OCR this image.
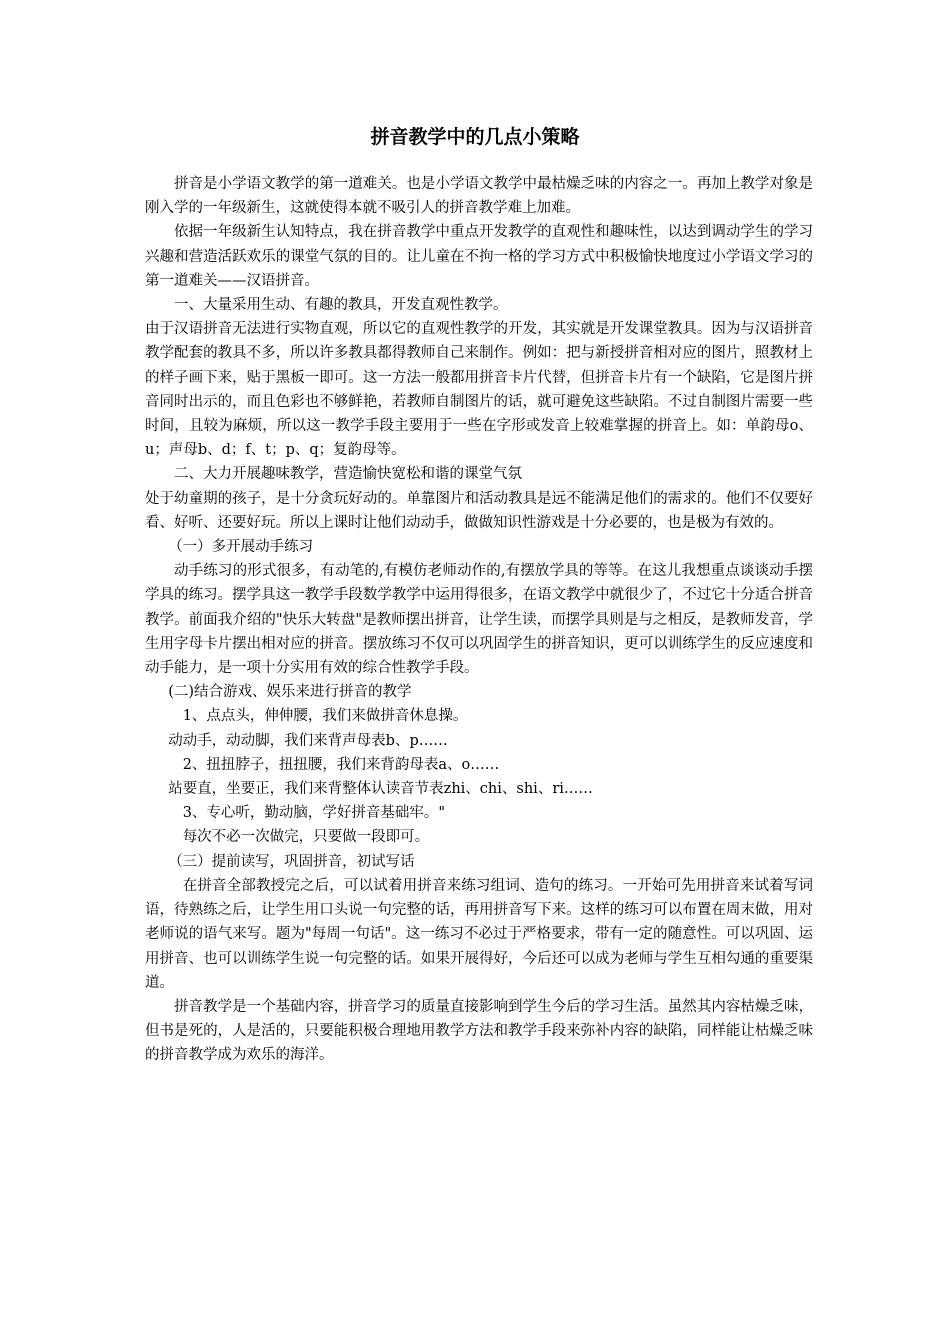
拼音教学中的几点小策略

拼音是小学语文教学的第一道难关。也是小学语文教学中最枯燥乏味的内容之一。再加上教学对象是刚入学的一年级新生，这就使得本就不吸引人的拼音教学难上加难。

依据一年级新生认知特点，我在拼音教学中重点开发教学的直观性和趣味性，以达到调动学生的学习兴趣和营造活跃欢乐的课堂气氛的目的。让儿童在不拘一格的学习方式中积极愉快地度过小学语文学习的第一道难关——汉语拼音。

一、大量采用生动、有趣的教具，开发直观性教学。

由于汉语拼音无法进行实物直观，所以它的直观性教学的开发，其实就是开发课堂教具。因为与汉语拼音教学配套的教具不多，所以许多教具都得教师自己来制作。例如：把与新授拼音相对应的图片，照教材上的样子画下来，贴于黑板一即可。这一方法一般都用拼音卡片代替，但拼音卡片有一个缺陷，它是图片拼音同时出示的，而且色彩也不够鲜艳，若教师自制图片的话，就可避免这些缺陷。不过自制图片需要一些时间，且较为麻烦，所以这一教学手段主要用于一些在字形或发音上较难掌握的拼音上。如：单韵母o、u；声母b、d；f、t；p、q；复韵母等。

二、大力开展趣味教学，营造愉快宽松和谐的课堂气氛

处于幼童期的孩子，是十分贪玩好动的。单靠图片和活动教具是远不能满足他们的需求的。他们不仅要好看、好听、还要好玩。所以上课时让他们动动手，做做知识性游戏是十分必要的，也是极为有效的。

（一）多开展动手练习

动手练习的形式很多，有动笔的,有模仿老师动作的,有摆放学具的等等。在这儿我想重点谈谈动手摆学具的练习。摆学具这一教学手段数学教学中运用得很多，在语文教学中就很少了，不过它十分适合拼音教学。前面我介绍的"快乐大转盘"是教师摆出拼音，让学生读，而摆学具则是与之相反，是教师发音，学生用字母卡片摆出相对应的拼音。摆放练习不仅可以巩固学生的拼音知识，更可以训练学生的反应速度和动手能力，是一项十分实用有效的综合性教学手段。

(二)结合游戏、娱乐来进行拼音的教学

1、点点头，伸伸腰，我们来做拼音休息操。

动动手，动动脚，我们来背声母表b、p……

2、扭扭脖子，扭扭腰，我们来背韵母表a、o……

站要直，坐要正，我们来背整体认读音节表zhi、chi、shi、ri……

3、专心听，勤动脑，学好拼音基础牢。"

每次不必一次做完，只要做一段即可。

（三）提前读写，巩固拼音，初试写话

在拼音全部教授完之后，可以试着用拼音来练习组词、造句的练习。一开始可先用拼音来试着写词语，待熟练之后，让学生用口头说一句完整的话，再用拼音写下来。这样的练习可以布置在周末做，用对老师说的语气来写。题为"每周一句话"。这一练习不必过于严格要求，带有一定的随意性。可以巩固、运用拼音、也可以训练学生说一句完整的话。如果开展得好，今后还可以成为老师与学生互相勾通的重要渠道。

拼音教学是一个基础内容，拼音学习的质量直接影响到学生今后的学习生活。虽然其内容枯燥乏味，但书是死的，人是活的，只要能积极合理地用教学方法和教学手段来弥补内容的缺陷，同样能让枯燥乏味的拼音教学成为欢乐的海洋。
